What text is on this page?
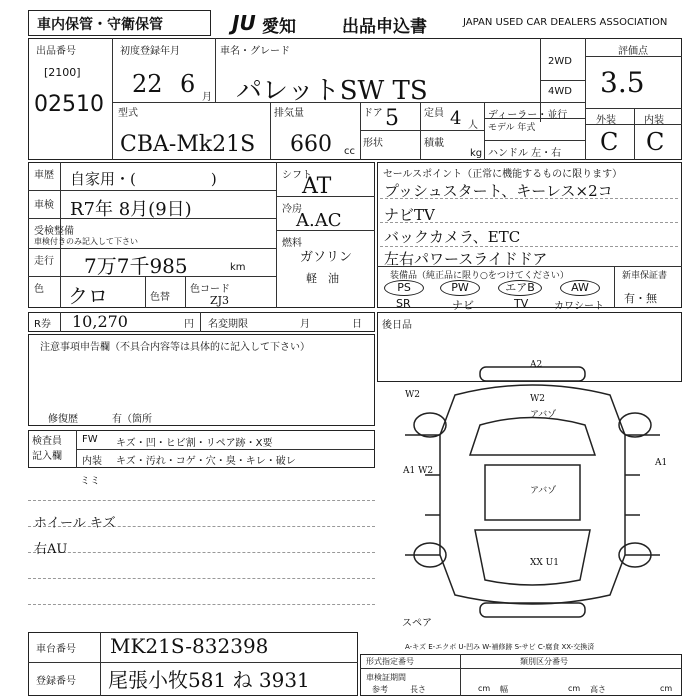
車内保管・守衛保管	JU 愛知	出品申込書	JAPAN USED CAR DEALERS ASSOCIATION
出品番号
[2100]
02510
初度登録年月
22 6 月
車名・グレード
パレットSW TS
2WD
4WD
評価点
3.5
外装	内装
C C
型式
CBA-Mk21S
排気量
660 cc
ドア 5	定員 4 人
形状	積載
kg
ディーラー・並行
モデル 年式
ハンドル 左・右
車歴 自家用・(　　　　　)
車検 R7年 8月(9日)
受検整備
車検付きのみ記入して下さい
走行 7万7千985	km
色 クロ	色替
色コード
ZJ3
シフト
AT
冷房
A.AC
燃料
ガソリン
軽　油
セールスポイント（正常に機能するものに限ります）
プッシュスタート、キーレス×2コ
ナビTV
バックカメラ、ETC
左右パワースライドドア
装備品（純正品に限り○をつけてください）
PS	PW	エアB	AW
SR	ナビ	TV	カワシート
新車保証書
有・無
R券 10,270	円 名変期限	月	日 後日品
注意事項申告欄（不具合内容等は具体的に記入して下さい）
修復歴	有（箇所
検査員
記入欄
FW キズ・凹・ヒビ割・リペア跡・X要
内装 キズ・汚れ・コゲ・穴・臭・キレ・破レ
ミミ
ホイール キズ
右AU
A2
W2
アバゾ
W2
A1
A1 W2
アバゾ
XX U1
スペア
A-キズ E-エクボ U-凹み W-補修跡 S-サビ C-腐食 XX-交換済
車台番号 MK21S-832398
登録番号 尾張小牧581 ね 3931
形式指定番号	類別区分番号
車検証期間
参考	長さ	幅	高さ
cm	cm	cm
